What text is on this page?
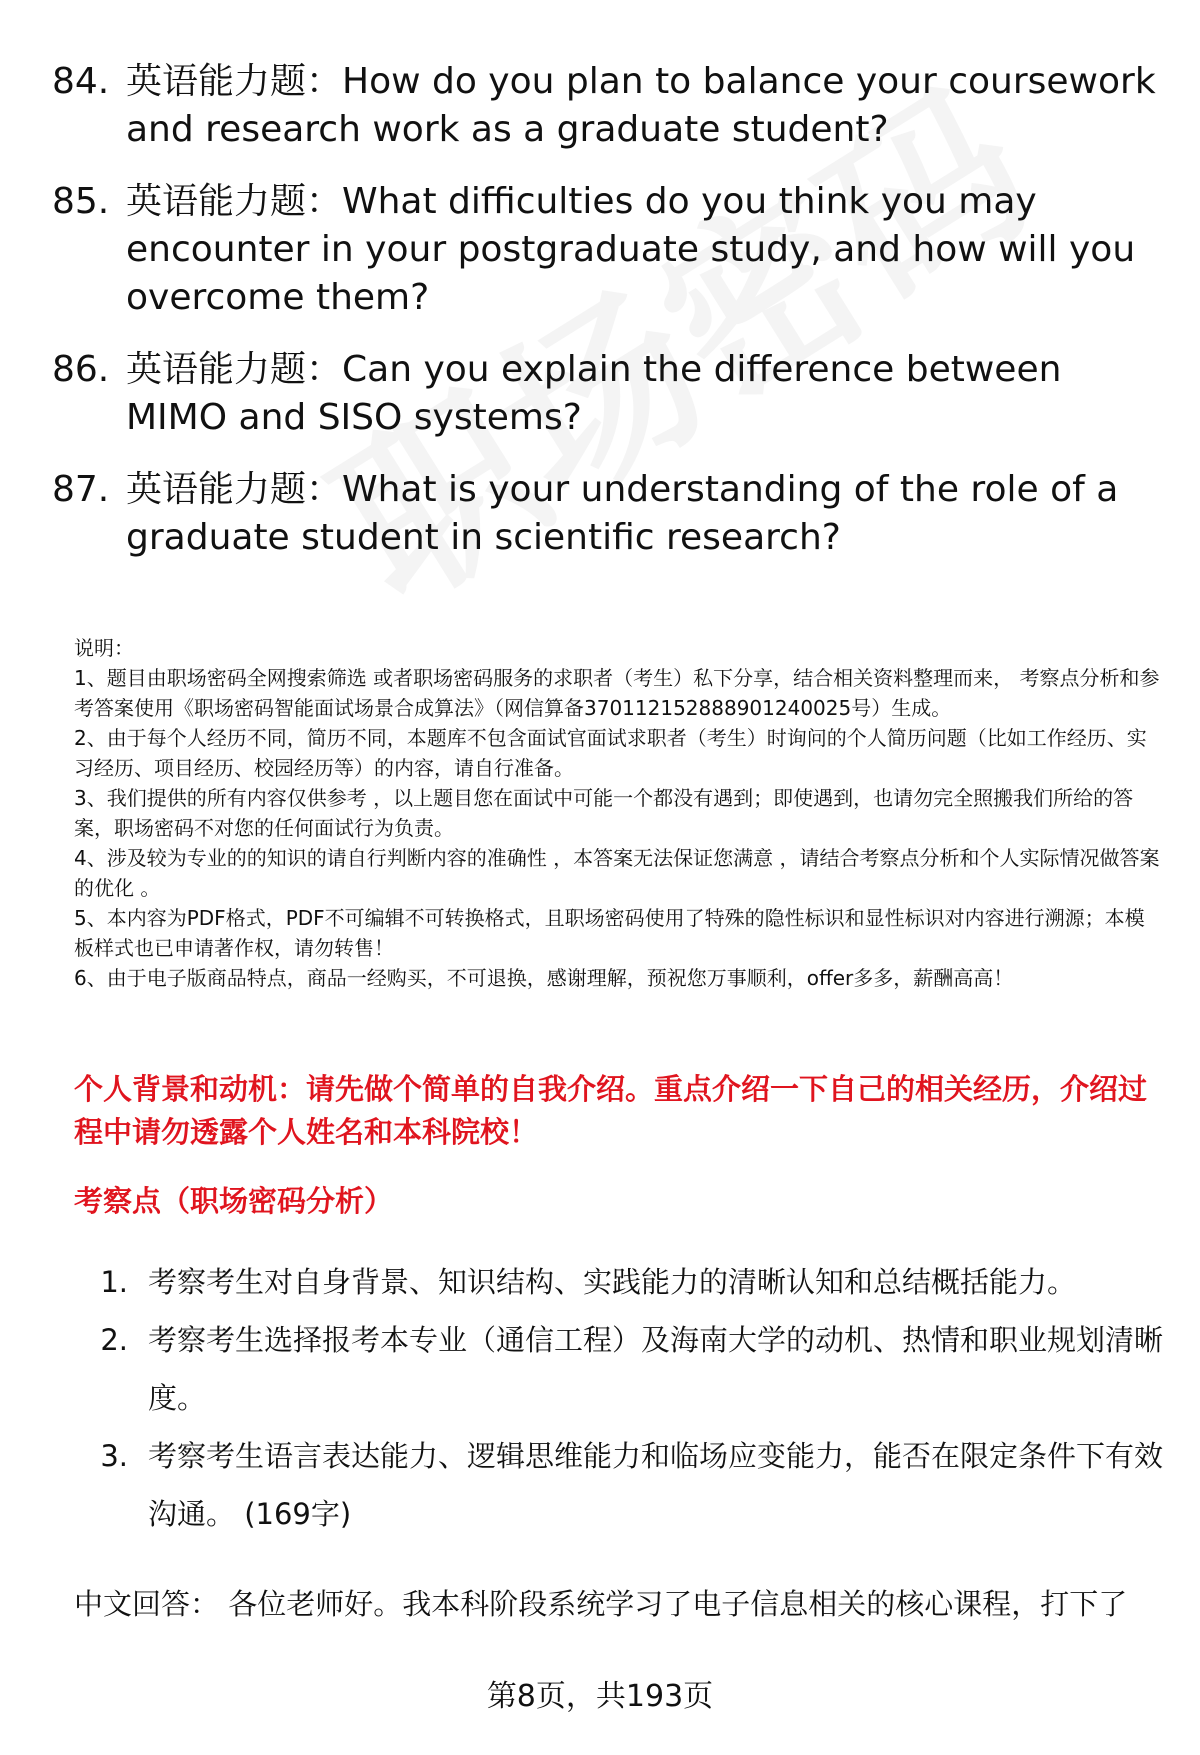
84. 英语能力题：How do you plan to balance your coursework and research work as a graduate student?
85. 英语能力题：What difficulties do you think you may encounter in your postgraduate study, and how will you overcome them?
86. 英语能力题：Can you explain the difference between MIMO and SISO systems?
87. 英语能力题：What is your understanding of the role of a graduate student in scientific research?

说明：

1、题目由职场密码全网搜索筛选 或者职场密码服务的求职者（考生）私下分享，结合相关资料整理而来， 考察点分析和参考答案使用《职场密码智能面试场景合成算法》（网信算备370112152888901240025号）生成。

2、由于每个人经历不同，简历不同，本题库不包含面试官面试求职者（考生）时询问的个人简历问题（比如工作经历、实习经历、项目经历、校园经历等）的内容，请自行准备。

3、我们提供的所有内容仅供参考 ，以上题目您在面试中可能一个都没有遇到；即使遇到，也请勿完全照搬我们所给的答案，职场密码不对您的任何面试行为负责。

4、涉及较为专业的的知识的请自行判断内容的准确性 ，本答案无法保证您满意 ，请结合考察点分析和个人实际情况做答案的优化 。

5、本内容为PDF格式，PDF不可编辑不可转换格式，且职场密码使用了特殊的隐性标识和显性标识对内容进行溯源；本模板样式也已申请著作权，请勿转售！

6、由于电子版商品特点，商品一经购买，不可退换，感谢理解，预祝您万事顺利，offer多多，薪酬高高！

个人背景和动机：请先做个简单的自我介绍。重点介绍一下自己的相关经历，介绍过程中请勿透露个人姓名和本科院校！
考察点（职场密码分析）
1. 考察考生对自身背景、知识结构、实践能力的清晰认知和总结概括能力。
2. 考察考生选择报考本专业（通信工程）及海南大学的动机、热情和职业规划清晰度。
3. 考察考生语言表达能力、逻辑思维能力和临场应变能力，能否在限定条件下有效沟通。 (169字)
中文回答： 各位老师好。我本科阶段系统学习了电子信息相关的核心课程，打下了
第8页，共193页
